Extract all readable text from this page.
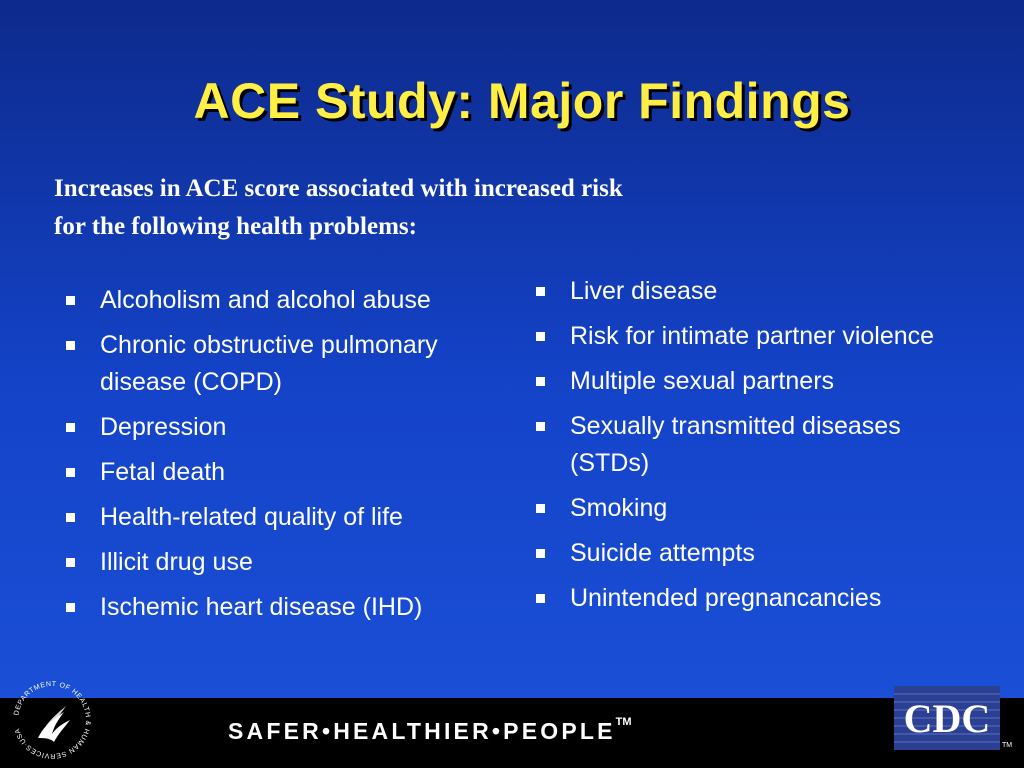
ACE Study: Major Findings
Increases in ACE score associated with increased risk
for the following health problems:
Alcoholism and alcohol abuse
Chronic obstructive pulmonary disease (COPD)
Depression
Fetal death
Health-related quality of life
Illicit drug use
Ischemic heart disease (IHD)
Liver disease
Risk for intimate partner violence
Multiple sexual partners
Sexually transmitted diseases (STDs)
Smoking
Suicide attempts
Unintended pregnancancies
DEPARTMENT OF HEALTH & HUMAN SERVICES·USA	SAFER•HEALTHIER•PEOPLE™	CDC
TM
